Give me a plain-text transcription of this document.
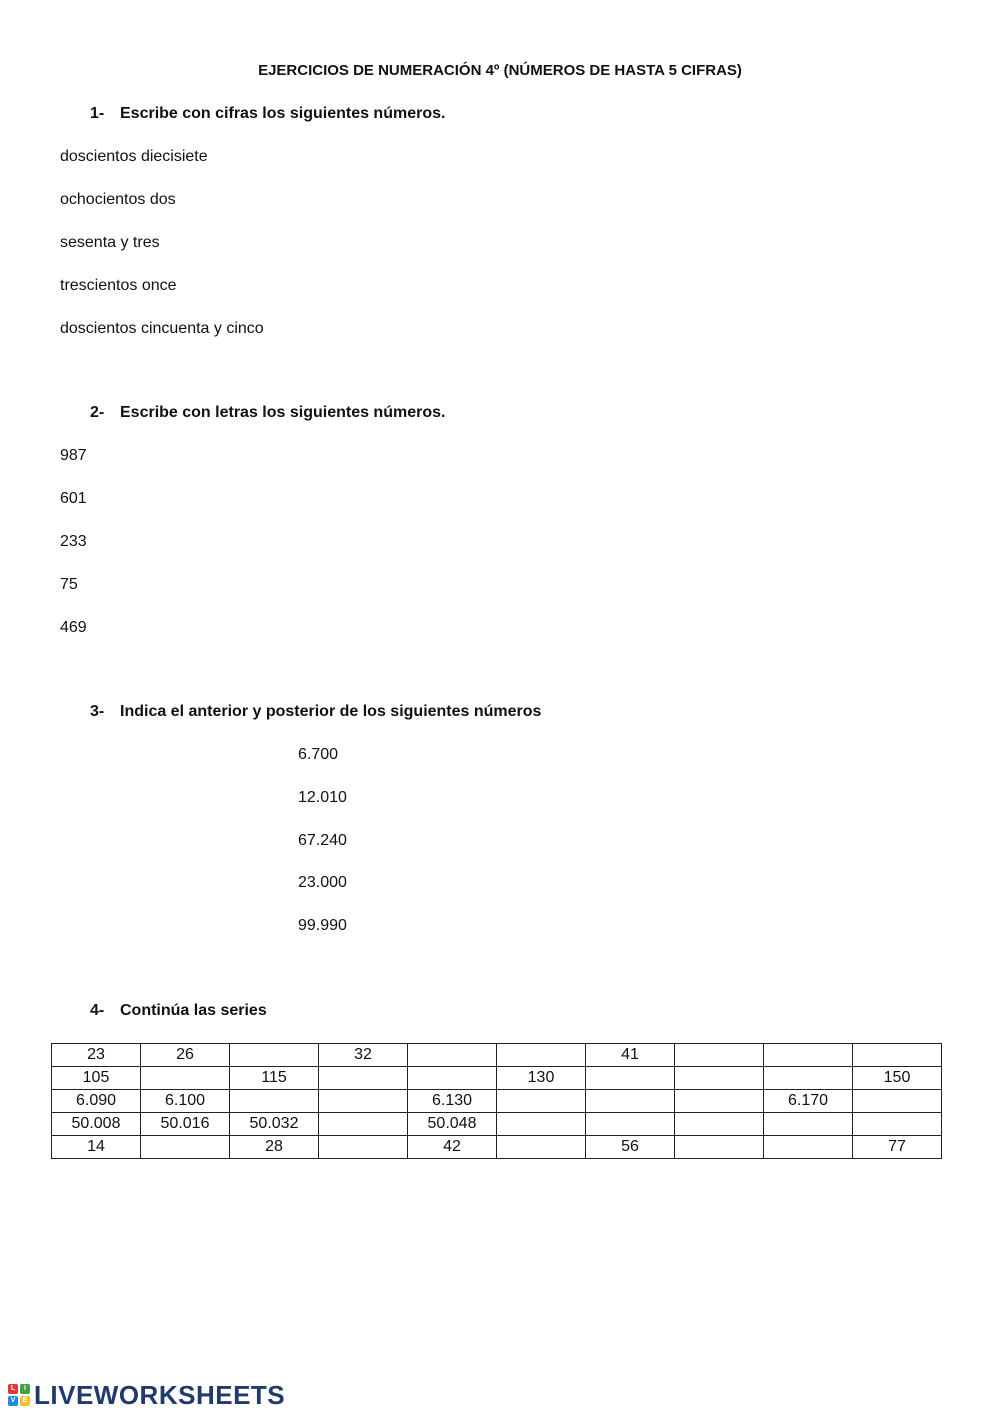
EJERCICIOS DE NUMERACIÓN 4º (NÚMEROS DE HASTA 5 CIFRAS)
1- Escribe con cifras los siguientes números.
doscientos diecisiete
ochocientos dos
sesenta y tres
trescientos once
doscientos cincuenta y cinco
2- Escribe con letras los siguientes números.
987
601
233
75
469
3- Indica el anterior y posterior de los siguientes números
6.700
12.010
67.240
23.000
99.990
4- Continúa las series
23	26		32			41			
105		115			130				150
6.090	6.100			6.130				6.170	
50.008	50.016	50.032		50.048					
14		28		42		56			77
L	I
V	E LIVEWORKSHEETS
